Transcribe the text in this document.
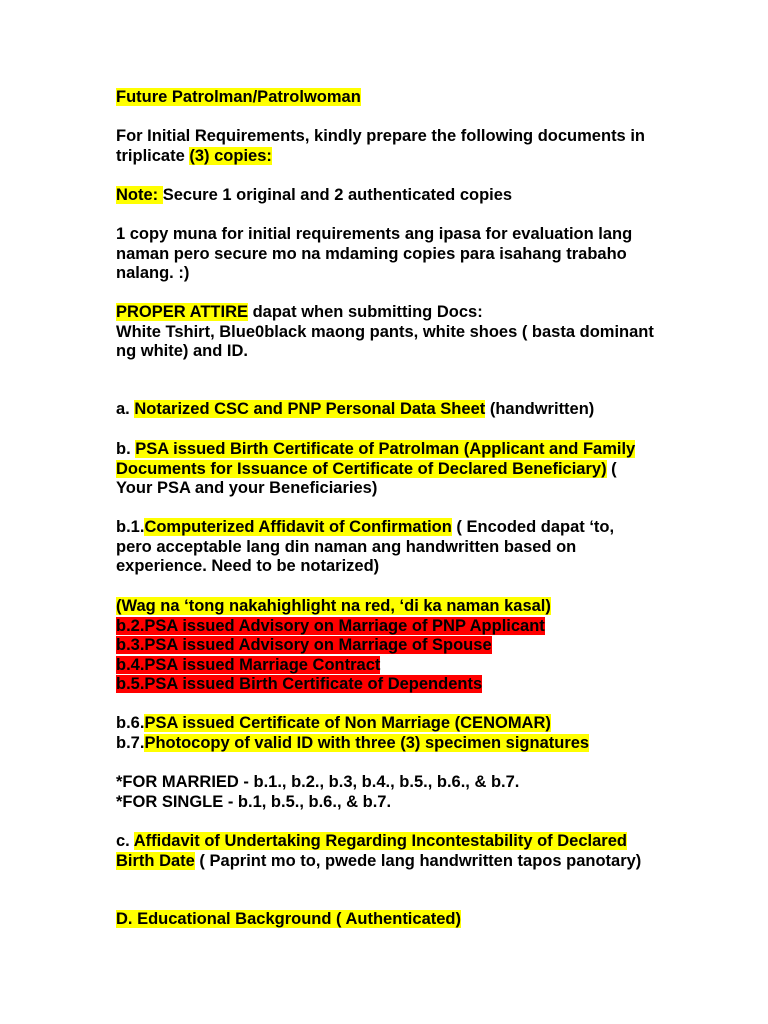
Future Patrolman/Patrolwoman

For Initial Requirements, kindly prepare the following documents in triplicate (3) copies:

Note: Secure 1 original and 2 authenticated copies

1 copy muna for initial requirements ang ipasa for evaluation lang naman pero secure mo na mdaming copies para isahang trabaho nalang. :)

PROPER ATTIRE dapat when submitting Docs:
White Tshirt, Blue0black maong pants, white shoes ( basta dominant ng white) and ID.

a. Notarized CSC and PNP Personal Data Sheet (handwritten)

b. PSA issued Birth Certificate of Patrolman (Applicant and Family Documents for Issuance of Certificate of Declared Beneficiary) ( Your PSA and your Beneficiaries)

b.1.Computerized Affidavit of Confirmation ( Encoded dapat ‘to, pero acceptable lang din naman ang handwritten based on experience. Need to be notarized)

(Wag na ‘tong nakahighlight na red, ‘di ka naman kasal)
b.2.PSA issued Advisory on Marriage of PNP Applicant
b.3.PSA issued Advisory on Marriage of Spouse
b.4.PSA issued Marriage Contract
b.5.PSA issued Birth Certificate of Dependents

b.6.PSA issued Certificate of Non Marriage (CENOMAR)
b.7.Photocopy of valid ID with three (3) specimen signatures

*FOR MARRIED - b.1., b.2., b.3, b.4., b.5., b.6., & b.7.
*FOR SINGLE - b.1, b.5., b.6., & b.7.

c. Affidavit of Undertaking Regarding Incontestability of Declared Birth Date ( Paprint mo to, pwede lang handwritten tapos panotary)

D. Educational Background ( Authenticated)
